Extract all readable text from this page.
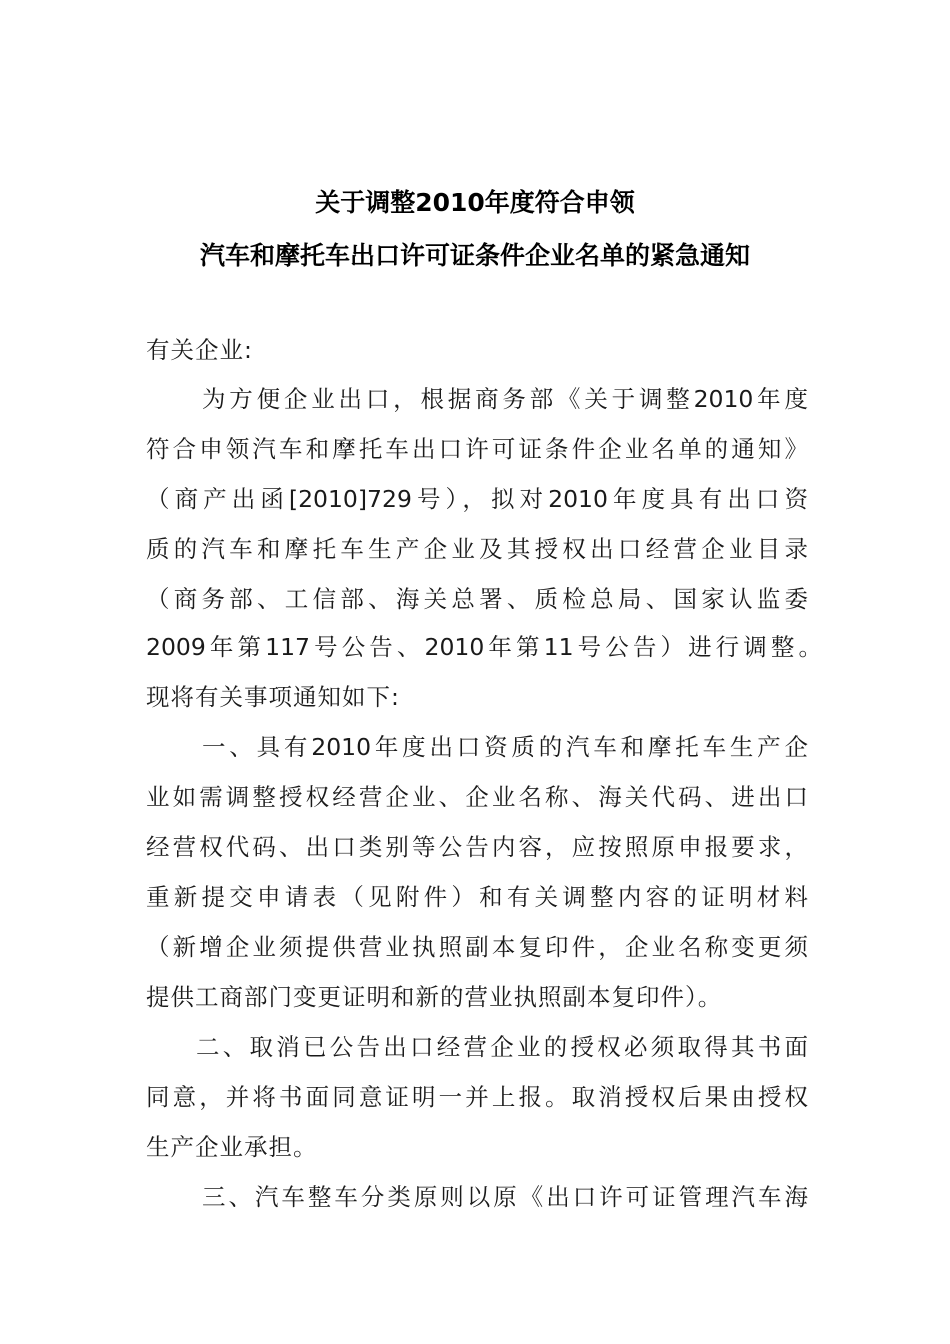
关于调整2010年度符合申领
汽车和摩托车出口许可证条件企业名单的紧急通知
有关企业:
为方便企业出口，根据商务部《关于调整2010年度
符合申领汽车和摩托车出口许可证条件企业名单的通知》
（商产出函[2010]729号），拟对2010年度具有出口资
质的汽车和摩托车生产企业及其授权出口经营企业目录
（商务部、工信部、海关总署、质检总局、国家认监委
2009年第117号公告、2010年第11号公告）进行调整。
现将有关事项通知如下:
一、具有2010年度出口资质的汽车和摩托车生产企
业如需调整授权经营企业、企业名称、海关代码、进出口
经营权代码、出口类别等公告内容，应按照原申报要求，
重新提交申请表（见附件）和有关调整内容的证明材料
（新增企业须提供营业执照副本复印件，企业名称变更须
提供工商部门变更证明和新的营业执照副本复印件）。
二、取消已公告出口经营企业的授权必须取得其书面
同意，并将书面同意证明一并上报。取消授权后果由授权
生产企业承担。
三、汽车整车分类原则以原《出口许可证管理汽车海
